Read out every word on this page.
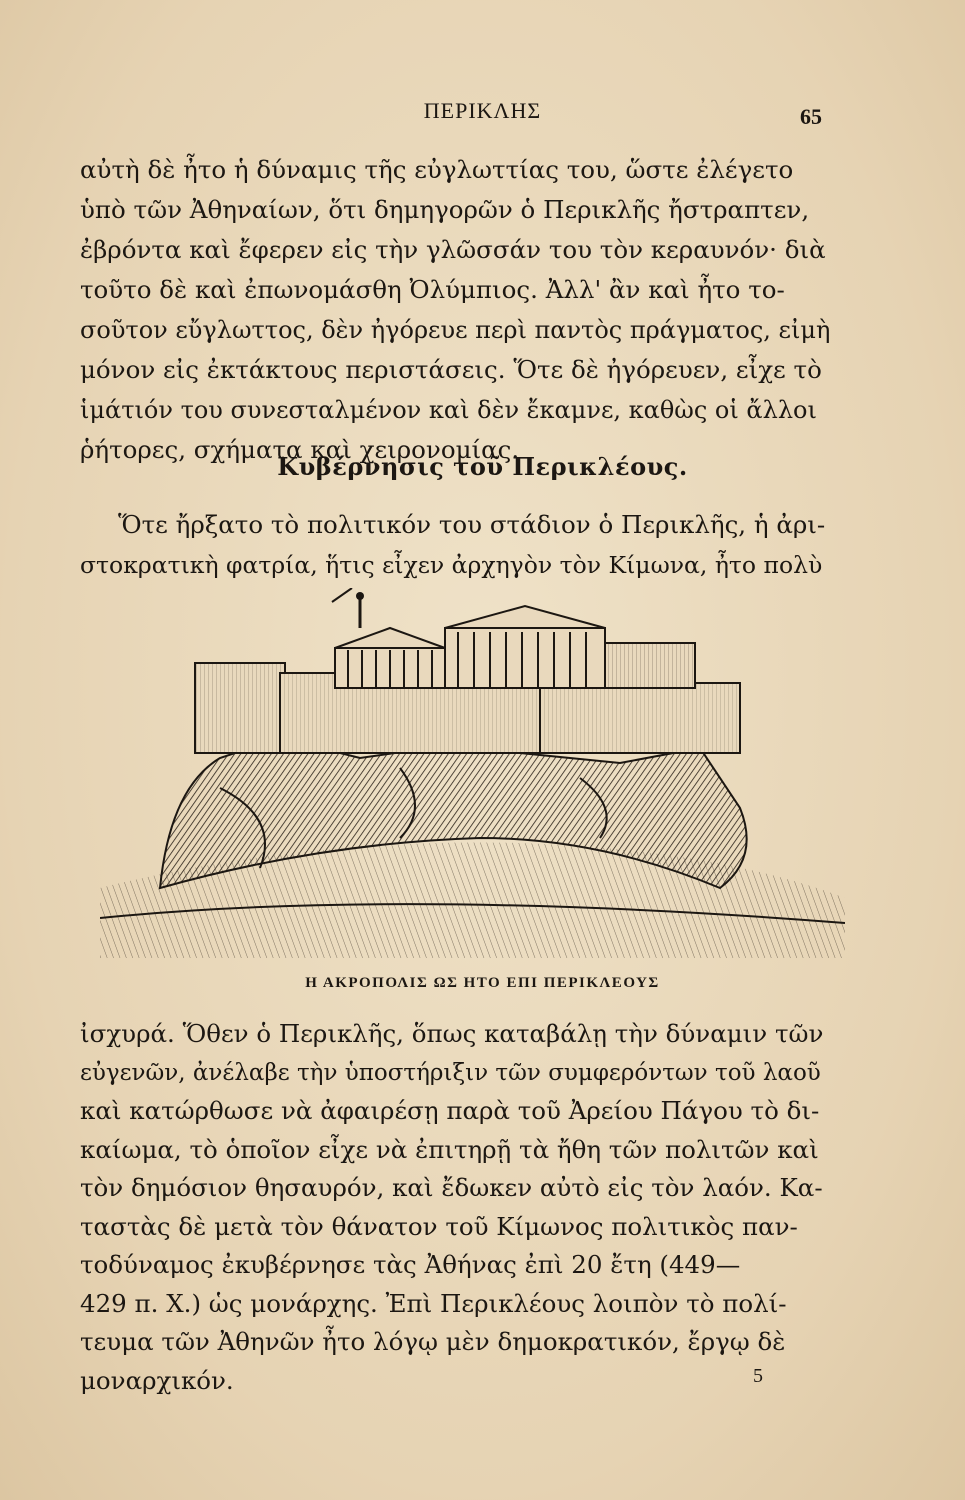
ΠΕΡΙΚΛΗΣ	65
αὐτὴ δὲ ἦτο ἡ δύναμις τῆς εὐγλωττίας του, ὥστε ἐλέγετο
ὑπὸ τῶν Ἀθηναίων, ὅτι δημηγορῶν ὁ Περικλῆς ἤστραπτεν,
ἐβρόντα καὶ ἔφερεν εἰς τὴν γλῶσσάν του τὸν κεραυνόν· διὰ
τοῦτο δὲ καὶ ἐπωνομάσθη Ὀλύμπιος. Ἀλλ' ἂν καὶ ἦτο το-
σοῦτον εὔγλωττος, δὲν ἠγόρευε περὶ παντὸς πράγματος, εἰμὴ
μόνον εἰς ἐκτάκτους περιστάσεις. Ὅτε δὲ ἠγόρευεν, εἶχε τὸ
ἱμάτιόν του συνεσταλμένον καὶ δὲν ἔκαμνε, καθὼς οἱ ἄλλοι
ῥήτορες, σχήματα καὶ χειρονομίας.
Κυβέρνησις τοῦ Περικλέους.
Ὅτε ἤρξατο τὸ πολιτικόν του στάδιον ὁ Περικλῆς, ἡ ἀρι-
στοκρατικὴ φατρία, ἥτις εἶχεν ἀρχηγὸν τὸν Κίμωνα, ἦτο πολὺ
Η ΑΚΡΟΠΟΛΙΣ ΩΣ ΗΤΟ ΕΠΙ ΠΕΡΙΚΛΕΟΥΣ
ἰσχυρά. Ὅθεν ὁ Περικλῆς, ὅπως καταβάλῃ τὴν δύναμιν τῶν
εὐγενῶν, ἀνέλαβε τὴν ὑποστήριξιν τῶν συμφερόντων τοῦ λαοῦ
καὶ κατώρθωσε νὰ ἀφαιρέσῃ παρὰ τοῦ Ἀρείου Πάγου τὸ δι-
καίωμα, τὸ ὁποῖον εἶχε νὰ ἐπιτηρῇ τὰ ἤθη τῶν πολιτῶν καὶ
τὸν δημόσιον θησαυρόν, καὶ ἔδωκεν αὐτὸ εἰς τὸν λαόν. Κα-
ταστὰς δὲ μετὰ τὸν θάνατον τοῦ Κίμωνος πολιτικὸς παν-
τοδύναμος ἐκυβέρνησε τὰς Ἀθήνας ἐπὶ 20 ἔτη (449—
429 π. Χ.) ὡς μονάρχης. Ἐπὶ Περικλέους λοιπὸν τὸ πολί-
τευμα τῶν Ἀθηνῶν ἦτο λόγῳ μὲν δημοκρατικόν, ἔργῳ δὲ
μοναρχικόν.	5
